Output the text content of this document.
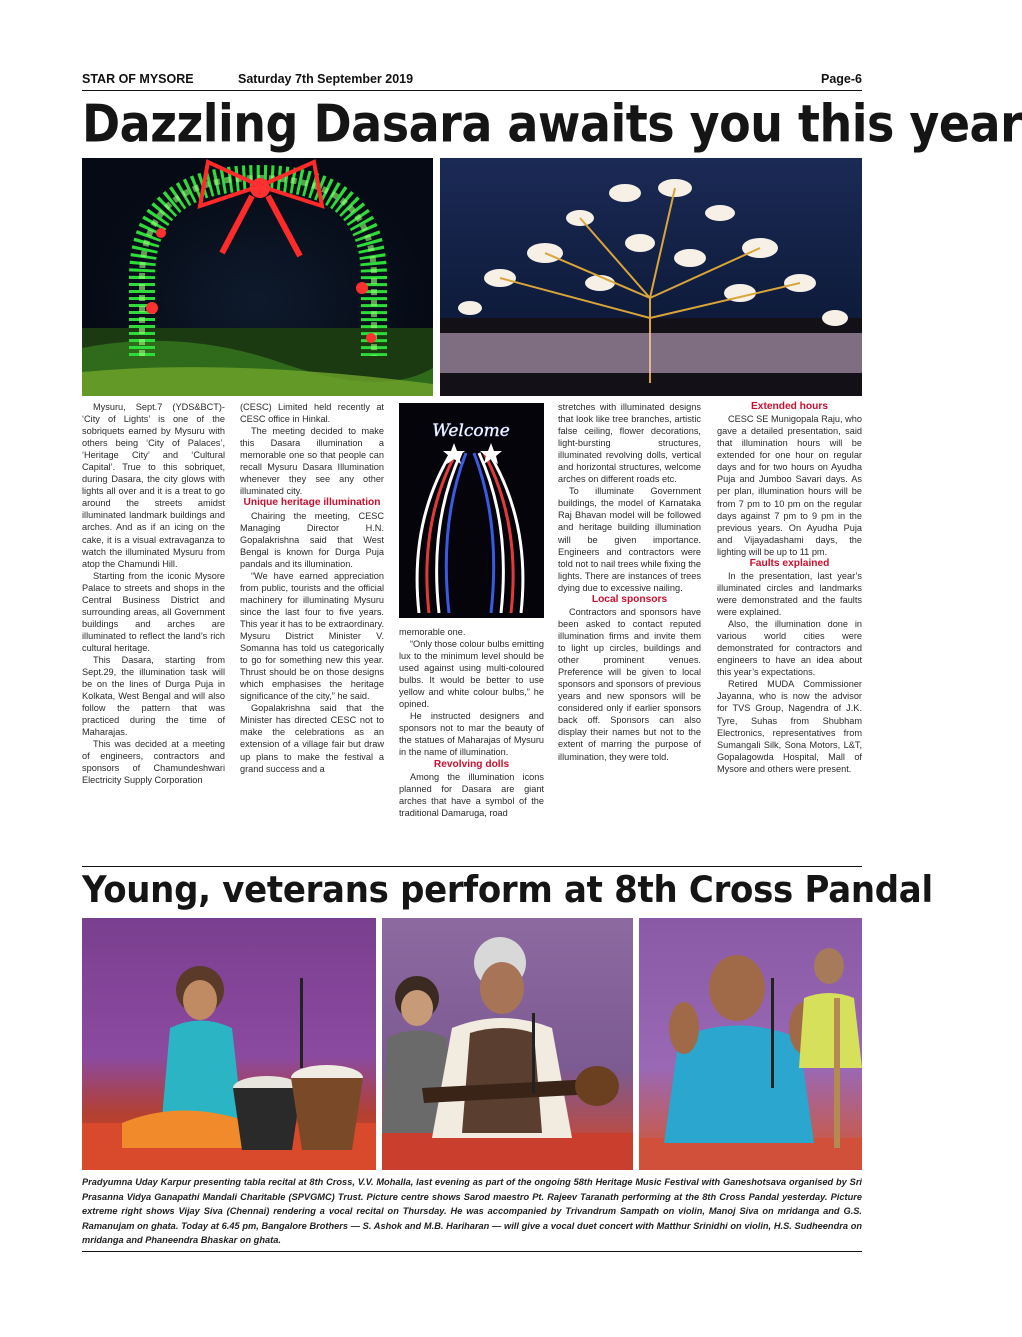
STAR OF MYSORE	Saturday 7th September 2019	Page-6
Dazzling Dasara awaits you this year

Mysuru, Sept.7 (YDS&BCT)- ‘City of Lights’ is one of the sobriquets earned by Mysuru with others being ‘City of Palaces’, ‘Heritage City’ and ‘Cultural Capital’. True to this sobriquet, during Dasara, the city glows with lights all over and it is a treat to go around the streets amidst illuminated landmark buildings and arches. And as if an icing on the cake, it is a visual extravaganza to watch the illuminated Mysuru from atop the Chamundi Hill.

Starting from the iconic Mysore Palace to streets and shops in the Central Business District and surrounding areas, all Government buildings and arches are illuminated to reflect the land’s rich cultural heritage.

This Dasara, starting from Sept.29, the illumination task will be on the lines of Durga Puja in Kolkata, West Bengal and will also follow the pattern that was practiced during the time of Maharajas.

This was decided at a meeting of engineers, contractors and sponsors of Chamundeshwari Electricity Supply Corporation

(CESC) Limited held recently at CESC office in Hinkal.

The meeting decided to make this Dasara illumination a memorable one so that people can recall Mysuru Dasara Illumination whenever they see any other illuminated city.

Unique heritage illumination

Chairing the meeting, CESC Managing Director H.N. Gopalakrishna said that West Bengal is known for Durga Puja pandals and its illumination.

“We have earned appreciation from public, tourists and the official machinery for illuminating Mysuru since the last four to five years. This year it has to be extraordinary. Mysuru District Minister V. Somanna has told us categorically to go for something new this year. Thrust should be on those designs which emphasises the heritage significance of the city,” he said.

Gopalakrishna said that the Minister has directed CESC not to make the celebrations as an extension of a village fair but draw up plans to make the festival a grand success and a

Welcome

memorable one.

“Only those colour bulbs emitting lux to the minimum level should be used against using multi-coloured bulbs. It would be better to use yellow and white colour bulbs,” he opined.

He instructed designers and sponsors not to mar the beauty of the statues of Maharajas of Mysuru in the name of illumination.

Revolving dolls

Among the illumination icons planned for Dasara are giant arches that have a symbol of the traditional Damaruga, road

stretches with illuminated designs that look like tree branches, artistic false ceiling, flower decorations, light-bursting structures, illuminated revolving dolls, vertical and horizontal structures, welcome arches on different roads etc.

To illuminate Government buildings, the model of Karnataka Raj Bhavan model will be followed and heritage building illumination will be given importance. Engineers and contractors were told not to nail trees while fixing the lights. There are instances of trees dying due to excessive nailing.

Local sponsors

Contractors and sponsors have been asked to contact reputed illumination firms and invite them to light up circles, buildings and other prominent venues. Preference will be given to local sponsors and sponsors of previous years and new sponsors will be considered only if earlier sponsors back off. Sponsors can also display their names but not to the extent of marring the purpose of illumination, they were told.

Extended hours

CESC SE Munigopala Raju, who gave a detailed presentation, said that illumination hours will be extended for one hour on regular days and for two hours on Ayudha Puja and Jumboo Savari days. As per plan, illumination hours will be from 7 pm to 10 pm on the regular days against 7 pm to 9 pm in the previous years. On Ayudha Puja and Vijayadashami days, the lighting will be up to 11 pm.

Faults explained

In the presentation, last year’s illuminated circles and landmarks were demonstrated and the faults were explained.

Also, the illumination done in various world cities were demonstrated for contractors and engineers to have an idea about this year’s expectations.

Retired MUDA Commissioner Jayanna, who is now the advisor for TVS Group, Nagendra of J.K. Tyre, Suhas from Shubham Electronics, representatives from Sumangali Silk, Sona Motors, L&T, Gopalagowda Hospital, Mall of Mysore and others were present.

Young, veterans perform at 8th Cross Pandal
Pradyumna Uday Karpur presenting tabla recital at 8th Cross, V.V. Mohalla, last evening as part of the ongoing 58th Heritage Music Festival with Ganeshotsava organised by Sri Prasanna Vidya Ganapathi Mandali Charitable (SPVGMC) Trust. Picture centre shows Sarod maestro Pt. Rajeev Taranath performing at the 8th Cross Pandal yesterday. Picture extreme right shows Vijay Siva (Chennai) rendering a vocal recital on Thursday. He was accompanied by Trivandrum Sampath on violin, Manoj Siva on mridanga and G.S. Ramanujam on ghata. Today at 6.45 pm, Bangalore Brothers — S. Ashok and M.B. Hariharan — will give a vocal duet concert with Matthur Srinidhi on violin, H.S. Sudheendra on mridanga and Phaneendra Bhaskar on ghata.
